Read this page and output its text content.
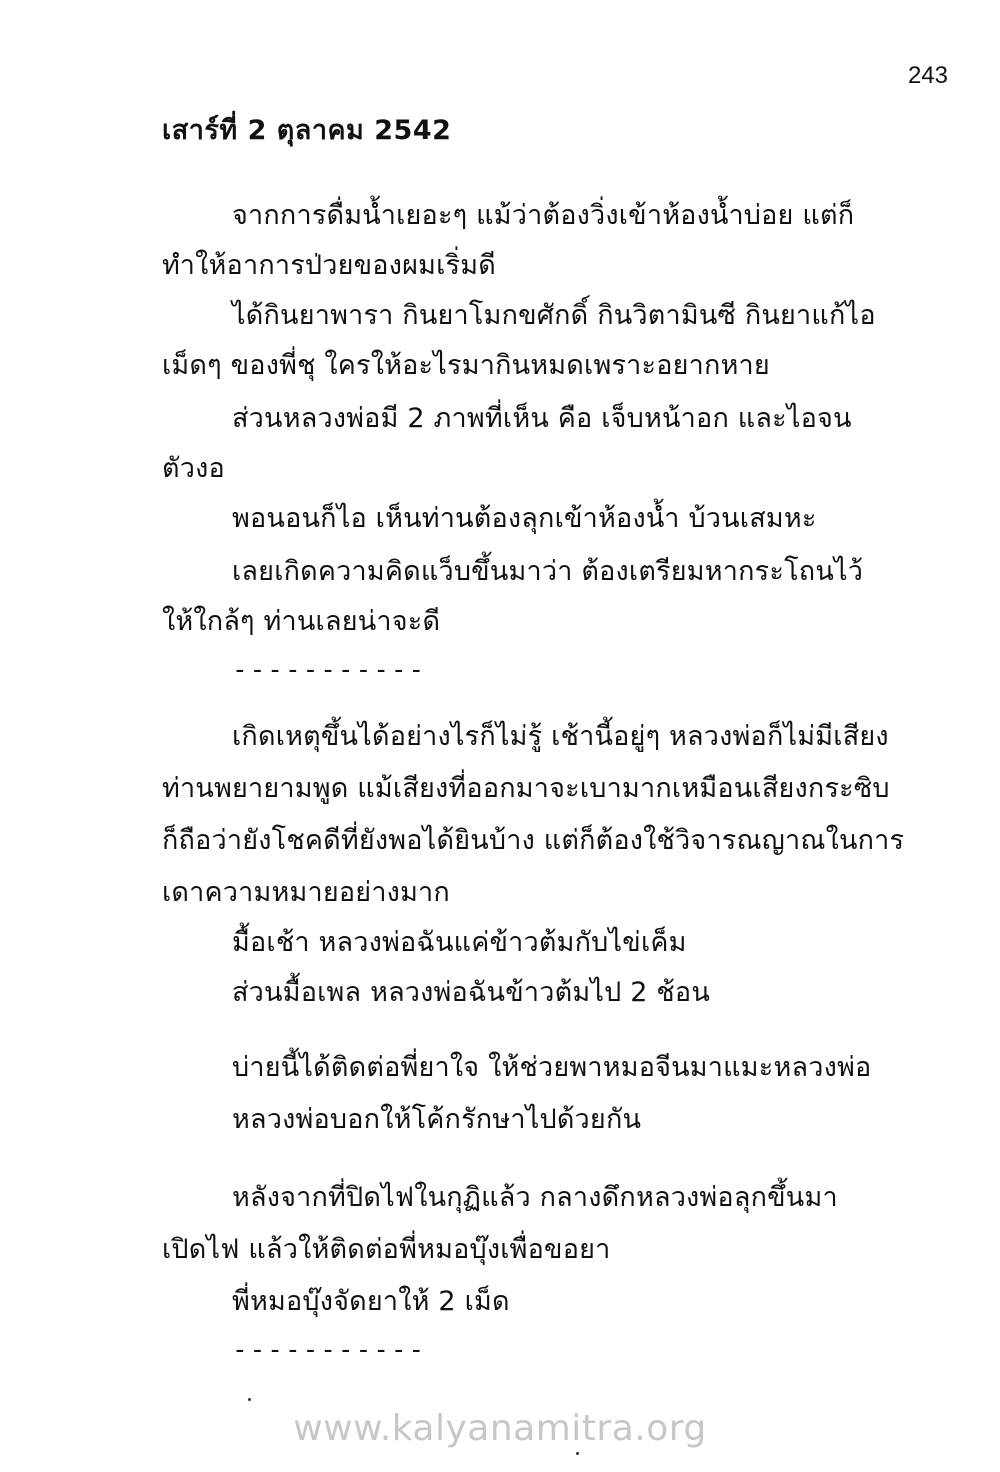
243
เสาร์ที่ 2 ตุลาคม 2542
จากการดื่มน้ำเยอะๆ แม้ว่าต้องวิ่งเข้าห้องน้ำบ่อย แต่ก็
ทำให้อาการป่วยของผมเริ่มดี
ได้กินยาพารา กินยาโมกขศักดิ์ กินวิตามินซี กินยาแก้ไอ
เม็ดๆ ของพี่ชุ ใครให้อะไรมากินหมดเพราะอยากหาย
ส่วนหลวงพ่อมี 2 ภาพที่เห็น คือ เจ็บหน้าอก และไอจน
ตัวงอ
พอนอนก็ไอ เห็นท่านต้องลุกเข้าห้องน้ำ บ้วนเสมหะ
เลยเกิดความคิดแว็บขึ้นมาว่า ต้องเตรียมหากระโถนไว้
ให้ใกล้ๆ ท่านเลยน่าจะดี
-----------
เกิดเหตุขึ้นได้อย่างไรก็ไม่รู้ เช้านี้อยู่ๆ หลวงพ่อก็ไม่มีเสียง
ท่านพยายามพูด แม้เสียงที่ออกมาจะเบามากเหมือนเสียงกระซิบ
ก็ถือว่ายังโชคดีที่ยังพอได้ยินบ้าง แต่ก็ต้องใช้วิจารณญาณในการ
เดาความหมายอย่างมาก
มื้อเช้า หลวงพ่อฉันแค่ข้าวต้มกับไข่เค็ม
ส่วนมื้อเพล หลวงพ่อฉันข้าวต้มไป 2 ช้อน
บ่ายนี้ได้ติดต่อพี่ยาใจ ให้ช่วยพาหมอจีนมาแมะหลวงพ่อ
หลวงพ่อบอกให้โค้กรักษาไปด้วยกัน
หลังจากที่ปิดไฟในกุฏิแล้ว กลางดึกหลวงพ่อลุกขึ้นมา
เปิดไฟ แล้วให้ติดต่อพี่หมอบุ๊งเพื่อขอยา
พี่หมอบุ๊งจัดยาให้ 2 เม็ด
-----------
www.kalyanamitra.org
